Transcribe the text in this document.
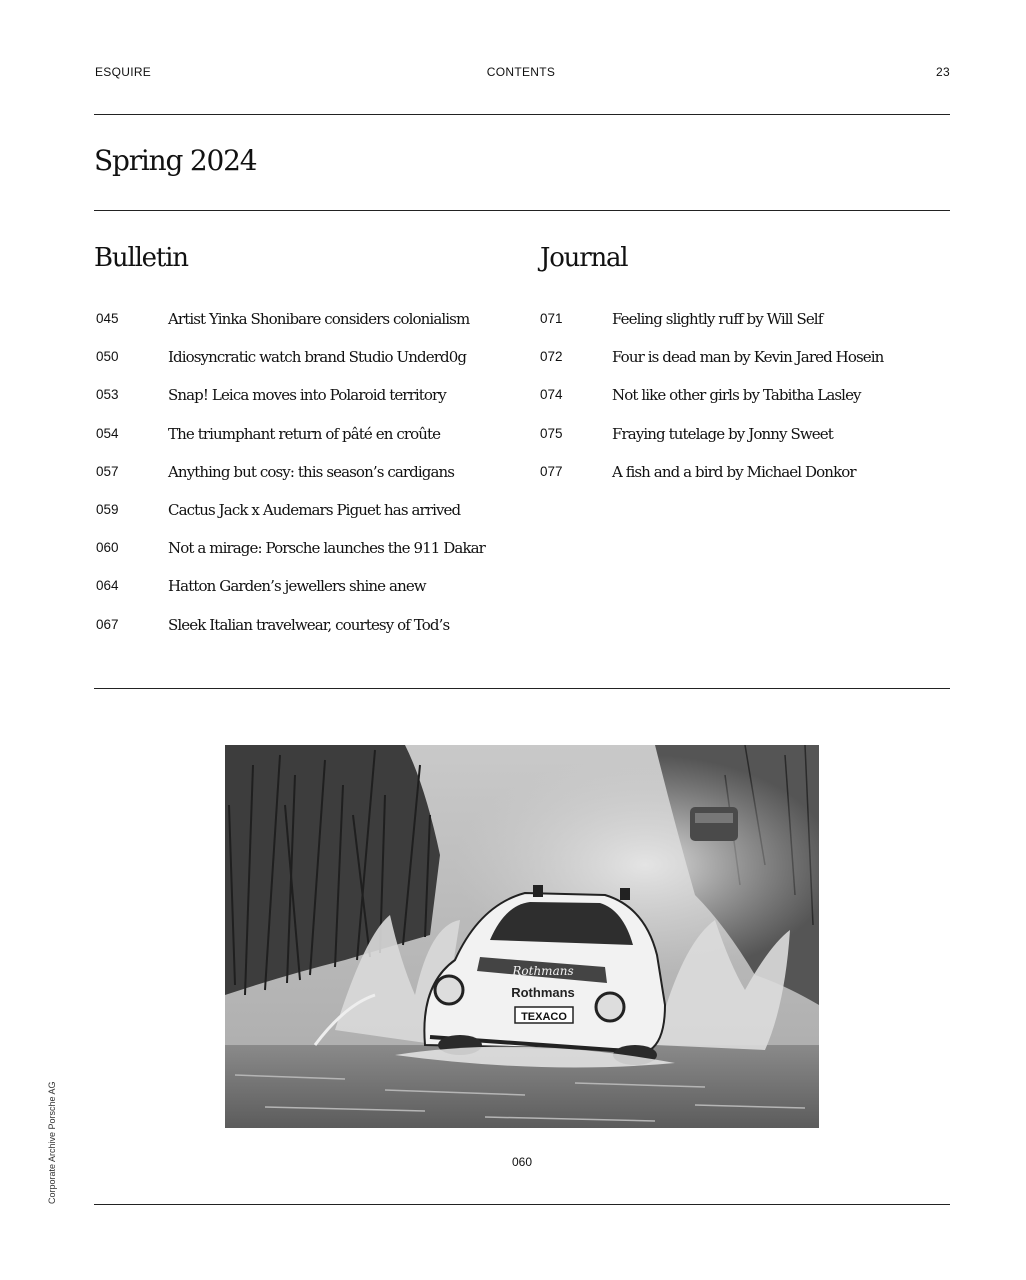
ESQUIRE	CONTENTS	23
Spring 2024
Bulletin
045	Artist Yinka Shonibare considers colonialism
050	Idiosyncratic watch brand Studio Underd0g
053	Snap! Leica moves into Polaroid territory
054	The triumphant return of pâté en croûte
057	Anything but cosy: this season’s cardigans
059	Cactus Jack x Audemars Piguet has arrived
060	Not a mirage: Porsche launches the 911 Dakar
064	Hatton Garden’s jewellers shine anew
067	Sleek Italian travelwear, courtesy of Tod’s
Journal
071	Feeling slightly ruff by Will Self
072	Four is dead man by Kevin Jared Hosein
074	Not like other girls by Tabitha Lasley
075	Fraying tutelage by Jonny Sweet
077	A fish and a bird by Michael Donkor
Rothmans
Rothmans
TEXACO
060
Corporate Archive Porsche AG
